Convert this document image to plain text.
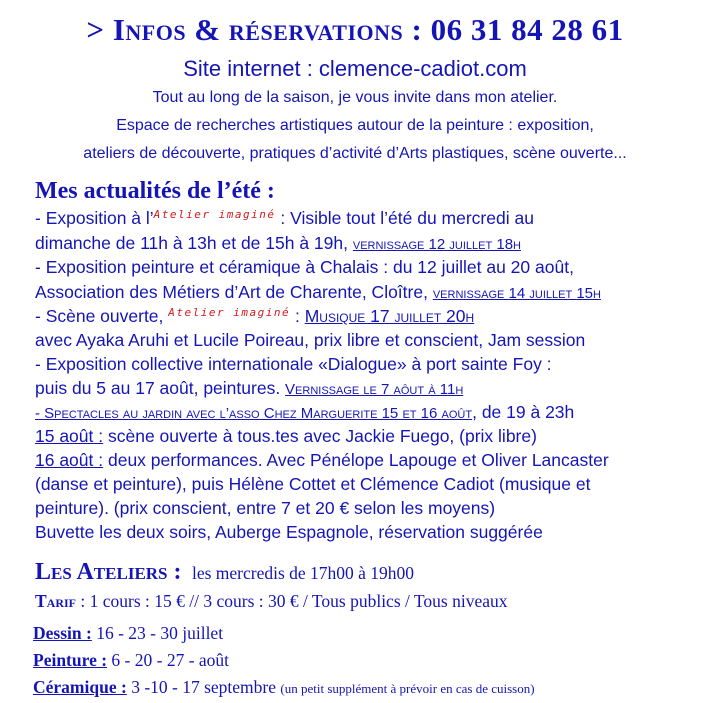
> Infos & réservations : 06 31 84 28 61
Site internet : clemence-cadiot.com
Tout au long de la saison, je vous invite dans mon atelier.
Espace de recherches artistiques autour de la peinture : exposition,
ateliers de découverte, pratiques d’activité d’Arts plastiques, scène ouverte...
Mes actualités de l’été :
- Exposition à l’$^{Atelier imaginé}$ : Visible tout l’été du mercredi au
dimanche de 11h à 13h et de 15h à 19h, vernissage 12 juillet 18h
- Exposition peinture et céramique à Chalais : du 12 juillet au 20 août,
Association des Métiers d’Art de Charente, Cloître, vernissage 14 juillet 15h
- Scène ouverte, $^{Atelier imaginé}$ : Musique 17 juillet 20h
avec Ayaka Aruhi et Lucile Poireau, prix libre et conscient, Jam session
- Exposition collective internationale «Dialogue» à port sainte Foy :
puis du 5 au 17 août, peintures. Vernissage le 7 aôut à 11h
- Spectacles au jardin avec l’asso Chez Marguerite 15 et 16 août, de 19 à 23h
15 août : scène ouverte à tous.tes avec Jackie Fuego, (prix libre)
16 août : deux performances. Avec Pénélope Lapouge et Oliver Lancaster
(danse et peinture), puis Hélène Cottet et Clémence Cadiot (musique et
peinture). (prix conscient, entre 7 et 20 € selon les moyens)
Buvette les deux soirs, Auberge Espagnole, réservation suggérée
Les Ateliers : les mercredis de 17h00 à 19h00
Tarif : 1 cours : 15 € // 3 cours : 30 € / Tous publics / Tous niveaux
Dessin : 16 - 23 - 30 juillet
Peinture : 6 - 20 - 27 - août
Céramique : 3 -10 - 17 septembre (un petit supplément à prévoir en cas de cuisson)
